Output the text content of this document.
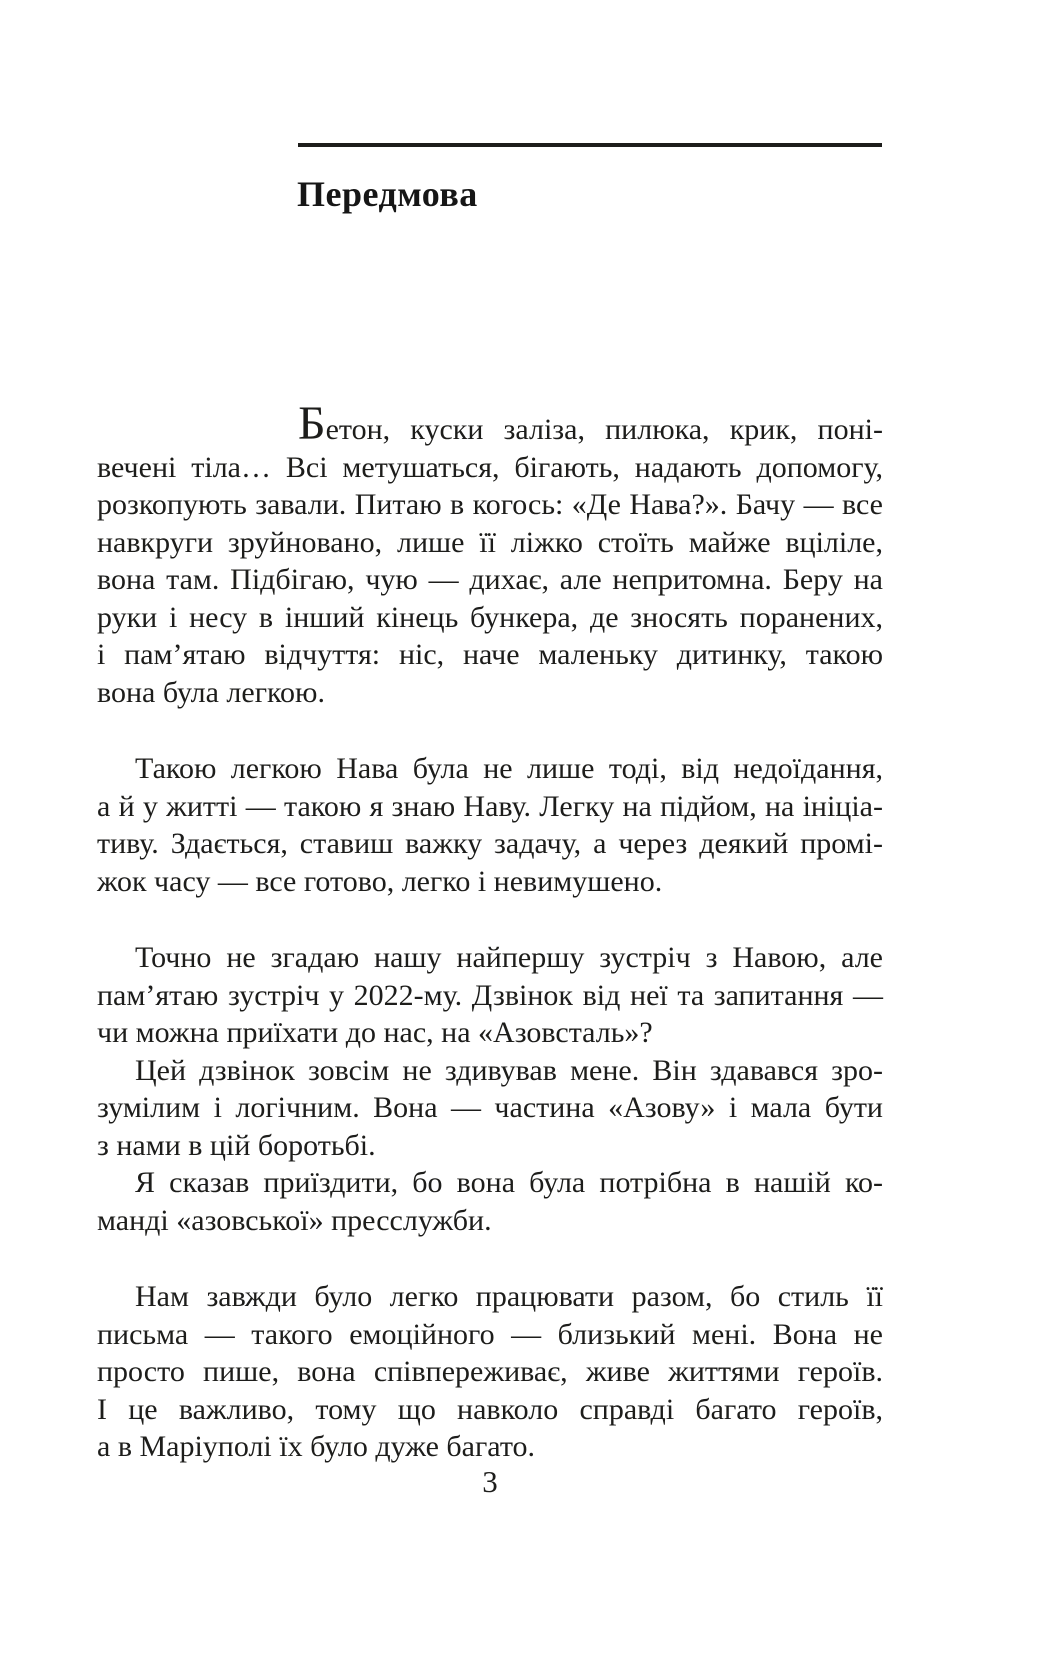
Передмова
Бетон, куски заліза, пилюка, крик, поні-
вечені тіла… Всі метушаться, бігають, надають допомогу,
розкопують завали. Питаю в когось: «Де Нава?». Бачу — все
навкруги зруйновано, лише її ліжко стоїть майже вціліле,
вона там. Підбігаю, чую — дихає, але непритомна. Беру на
руки і несу в інший кінець бункера, де зносять поранених,
і пам’ятаю відчуття: ніс, наче маленьку дитинку, такою
вона була легкою.
Такою легкою Нава була не лише тоді, від недоїдання,
а й у житті — такою я знаю Наву. Легку на підйом, на ініціа-
тиву. Здається, ставиш важку задачу, а через деякий промі-
жок часу — все готово, легко і невимушено.
Точно не згадаю нашу найпершу зустріч з Навою, але
пам’ятаю зустріч у 2022-му. Дзвінок від неї та запитання —
чи можна приїхати до нас, на «Азовсталь»?
Цей дзвінок зовсім не здивував мене. Він здавався зро-
зумілим і логічним. Вона — частина «Азову» і мала бути
з нами в цій боротьбі.
Я сказав приїздити, бо вона була потрібна в нашій ко-
манді «азовської» пресслужби.
Нам завжди було легко працювати разом, бо стиль її
письма — такого емоційного — близький мені. Вона не
просто пише, вона співпереживає, живе життями героїв.
І це важливо, тому що навколо справді багато героїв,
а в Маріуполі їх було дуже багато.
3
